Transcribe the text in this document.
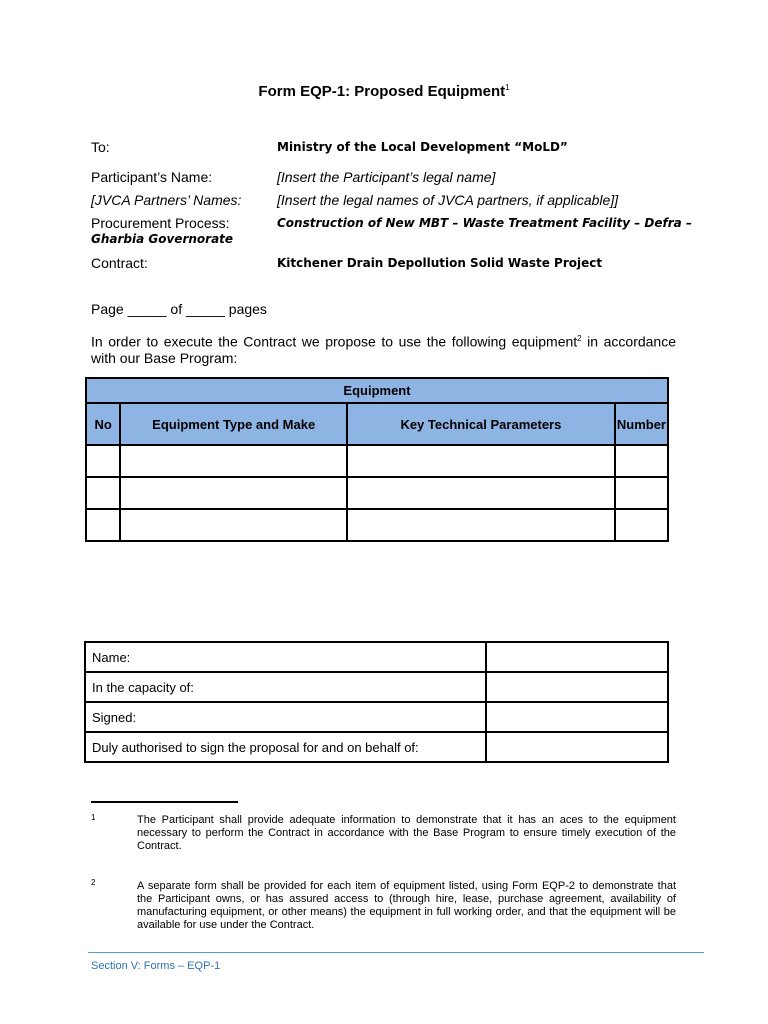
Form EQP-1: Proposed Equipment$^1$
To:	Ministry of the Local Development “MoLD”
Participant’s Name:	[Insert the Participant’s legal name]
[JVCA Partners’ Names:	[Insert the legal names of JVCA partners, if applicable]]
Procurement Process:	Construction of New MBT – Waste Treatment Facility – Defra –
Gharbia Governorate
Contract:	Kitchener Drain Depollution Solid Waste Project
Page _____ of _____ pages
In order to execute the Contract we propose to use the following equipment$^2$ in accordance with our Base Program:
Equipment			
No	Equipment Type and Make	Key Technical Parameters	Number

Name:	
In the capacity of:	
Signed:	
Duly authorised to sign the proposal for and on behalf of:	
1	The Participant shall provide adequate information to demonstrate that it has an aces to the equipment necessary to perform the Contract in accordance with the Base Program to ensure timely execution of the Contract.
2	A separate form shall be provided for each item of equipment listed, using Form EQP-2 to demonstrate that the Participant owns, or has assured access to (through hire, lease, purchase agreement, availability of manufacturing equipment, or other means) the equipment in full working order, and that the equipment will be available for use under the Contract.
Section V: Forms – EQP-1
